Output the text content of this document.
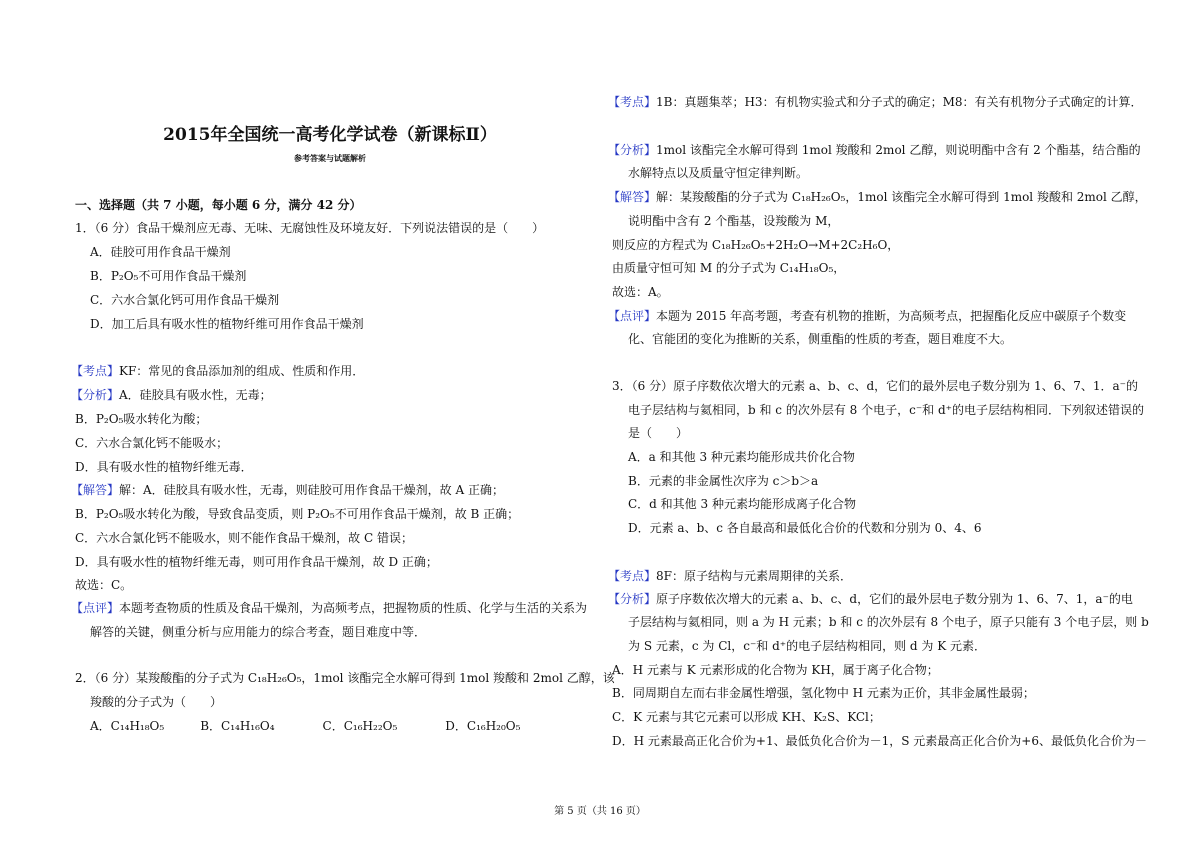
2015年全国统一高考化学试卷（新课标Ⅱ）
参考答案与试题解析
一、选择题（共 7 小题，每小题 6 分，满分 42 分）
1．（6 分）食品干燥剂应无毒、无味、无腐蚀性及环境友好．下列说法错误的是（　　）
A．硅胶可用作食品干燥剂
B．P₂O₅不可用作食品干燥剂
C．六水合氯化钙可用作食品干燥剂
D．加工后具有吸水性的植物纤维可用作食品干燥剂
【考点】KF：常见的食品添加剂的组成、性质和作用．
【分析】A．硅胶具有吸水性，无毒；
B．P₂O₅吸水转化为酸；
C．六水合氯化钙不能吸水；
D．具有吸水性的植物纤维无毒．
【解答】解：A．硅胶具有吸水性，无毒，则硅胶可用作食品干燥剂，故 A 正确；
B．P₂O₅吸水转化为酸，导致食品变质，则 P₂O₅不可用作食品干燥剂，故 B 正确；
C．六水合氯化钙不能吸水，则不能作食品干燥剂，故 C 错误；
D．具有吸水性的植物纤维无毒，则可用作食品干燥剂，故 D 正确；
故选：C。
【点评】本题考查物质的性质及食品干燥剂，为高频考点，把握物质的性质、化学与生活的关系为
解答的关键，侧重分析与应用能力的综合考查，题目难度中等．
2．（6 分）某羧酸酯的分子式为 C₁₈H₂₆O₅，1mol 该酯完全水解可得到 1mol 羧酸和 2mol 乙醇，该
羧酸的分子式为（　　）
A．C₁₄H₁₈O₅　　　B．C₁₄H₁₆O₄　　　　C．C₁₆H₂₂O₅　　　　D．C₁₆H₂₀O₅
【考点】1B：真题集萃；H3：有机物实验式和分子式的确定；M8：有关有机物分子式确定的计算．
【分析】1mol 该酯完全水解可得到 1mol 羧酸和 2mol 乙醇，则说明酯中含有 2 个酯基，结合酯的
水解特点以及质量守恒定律判断。
【解答】解：某羧酸酯的分子式为 C₁₈H₂₆O₅，1mol 该酯完全水解可得到 1mol 羧酸和 2mol 乙醇，
说明酯中含有 2 个酯基，设羧酸为 M，
则反应的方程式为 C₁₈H₂₆O₅+2H₂O→M+2C₂H₆O，
由质量守恒可知 M 的分子式为 C₁₄H₁₈O₅，
故选：A。
【点评】本题为 2015 年高考题，考查有机物的推断，为高频考点，把握酯化反应中碳原子个数变
化、官能团的变化为推断的关系，侧重酯的性质的考查，题目难度不大。
3．（6 分）原子序数依次增大的元素 a、b、c、d，它们的最外层电子数分别为 1、6、7、1．a⁻的
电子层结构与氦相同，b 和 c 的次外层有 8 个电子，c⁻和 d⁺的电子层结构相同．下列叙述错误的
是（　　）
A．a 和其他 3 种元素均能形成共价化合物
B．元素的非金属性次序为 c＞b＞a
C．d 和其他 3 种元素均能形成离子化合物
D．元素 a、b、c 各自最高和最低化合价的代数和分别为 0、4、6
【考点】8F：原子结构与元素周期律的关系．
【分析】原子序数依次增大的元素 a、b、c、d，它们的最外层电子数分别为 1、6、7、1，a⁻的电
子层结构与氦相同，则 a 为 H 元素；b 和 c 的次外层有 8 个电子，原子只能有 3 个电子层，则 b
为 S 元素，c 为 Cl，c⁻和 d⁺的电子层结构相同，则 d 为 K 元素．
A．H 元素与 K 元素形成的化合物为 KH，属于离子化合物；
B．同周期自左而右非金属性增强，氢化物中 H 元素为正价，其非金属性最弱；
C．K 元素与其它元素可以形成 KH、K₂S、KCl；
D．H 元素最高正化合价为+1、最低负化合价为－1，S 元素最高正化合价为+6、最低负化合价为－
第 5 页（共 16 页）
